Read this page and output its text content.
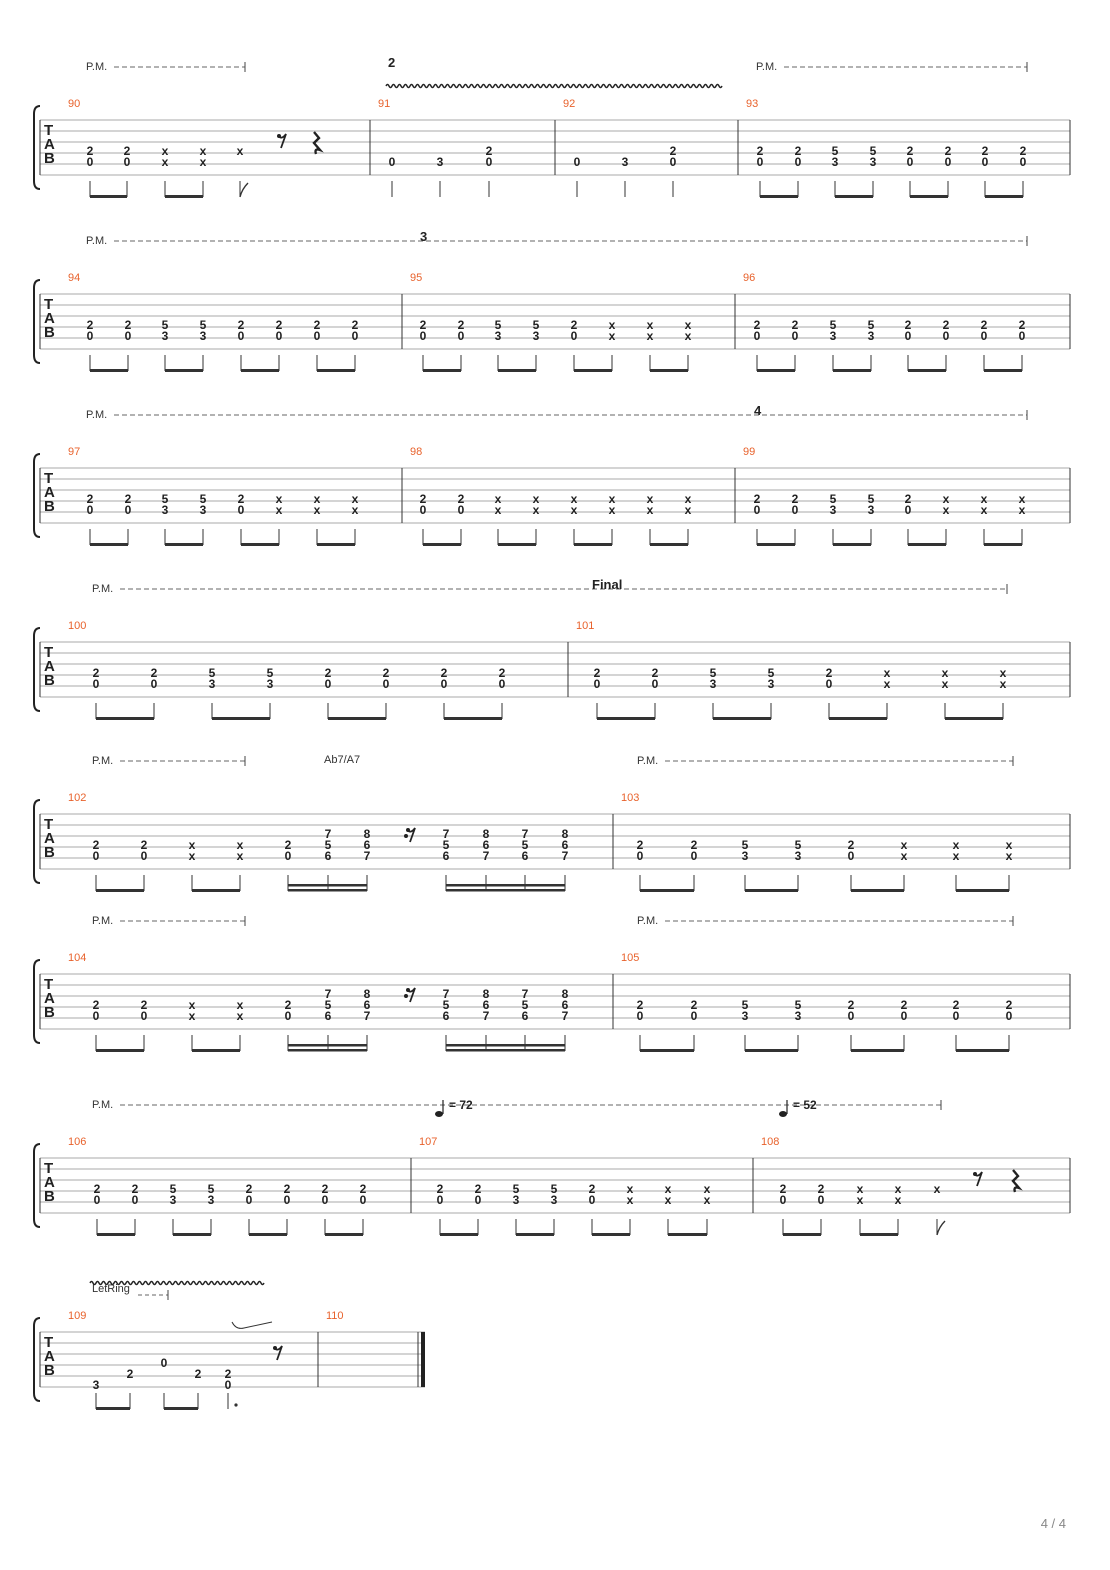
T
A
B
P.M.	P.M.
90
2
0
2
0
x
x
x
x
x
91
2
0	3
2
0
92
0	3
2
0
93
2
0
2
0
5
3
5
3
2
0
2
0
2
0
2
0
T
A
B
P.M.
94
2
0
2
0
5
3
5
3
2
0
2
0
2
0
2
0
95
3
2
0
2
0
5
3
5
3
2
0
x
x
x
x
x
x
96
2
0
2
0
5
3
5
3
2
0
2
0
2
0
2
0
T
A
B
P.M.
97
2
0
2
0
5
3
5
3
2
0
x
x
x
x
x
x
98
2
0
2
0
x
x
x
x
x
x
x
x
x
x
x
x
99
4
2
0
2
0
5
3
5
3
2
0
x
x
x
x
x
x
T
A
B
P.M.
100
2
0
2
0
5
3
5
3
2
0
2
0
2
0
2
0
101
2
0
2
0
5
3
5
3
2
0
x
x
x
x
x
x
T
A
B
P.M.	P.M.
102
2
0
2
0
x
x
x
x
2
0
7
5
6
8
6
7
7
5
6
8
6
7
7
5
6
8
6
7
103
2
0
2
0
5
3
5
3
2
0
x
x
x
x
x
x
T
A
B
P.M.	P.M.
104
2
0
2
0
x
x
x
x
2
0
7
5
6
8
6
7
7
5
6
8
6
7
7
5
6
8
6
7
105
2
0
2
0
5
3
5
3
2
0
2
0
2
0
2
0
T
A
B
P.M.
106
2
0
2
0
5
3
5
3
2
0
2
0
2
0
2
0
107
2
0
2
0
5
3
5
3
2
0
x
x
x
x
x
x
108
2
0
2
0
x
x
x
x
x
T
A
B
109
3
2
0
2 2
0
110
Final
Ab7/A7
= 72	= 52
LetRing
4 / 4
